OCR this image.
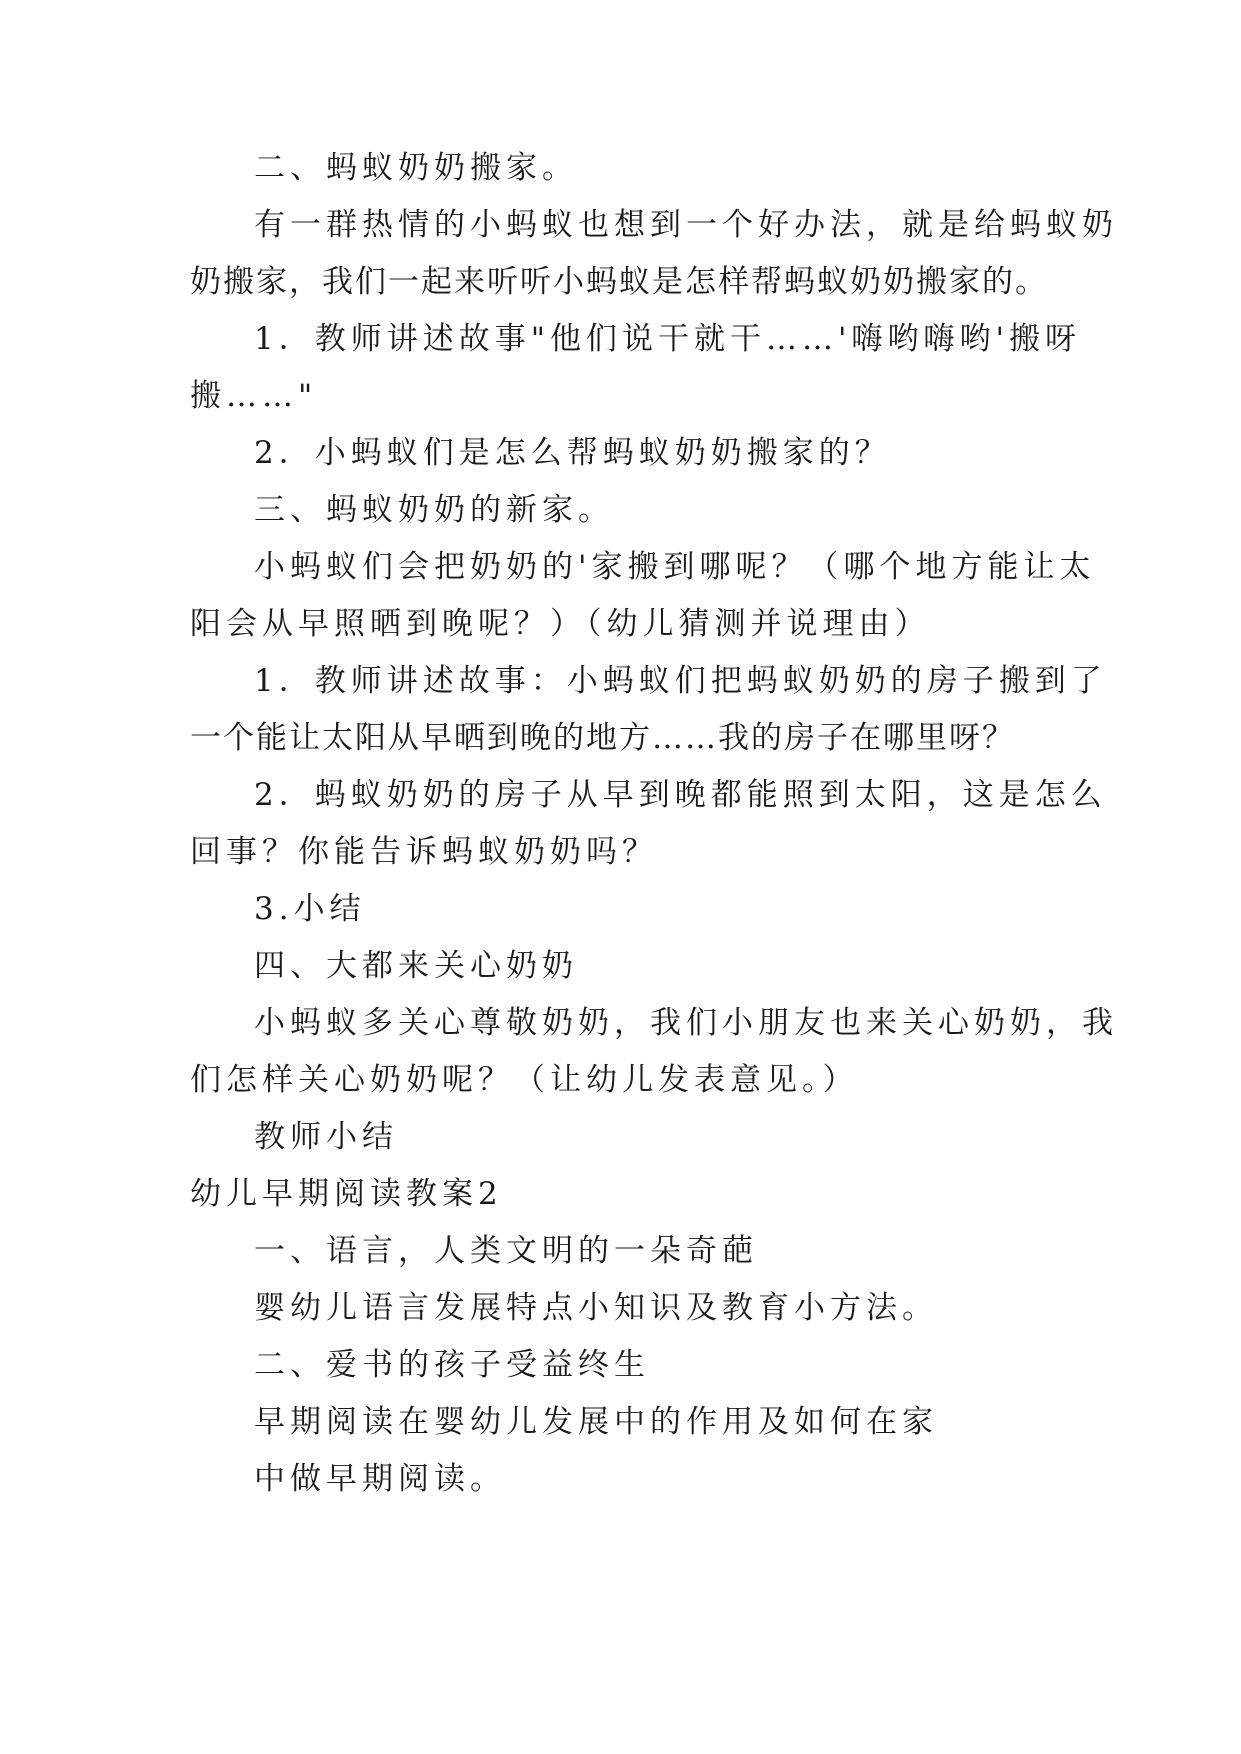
二、蚂蚁奶奶搬家。
有一群热情的小蚂蚁也想到一个好办法，就是给蚂蚁奶
奶搬家，我们一起来听听小蚂蚁是怎样帮蚂蚁奶奶搬家的。
1．教师讲述故事"他们说干就干……'嗨哟嗨哟'搬呀
搬……"
2．小蚂蚁们是怎么帮蚂蚁奶奶搬家的？
三、蚂蚁奶奶的新家。
小蚂蚁们会把奶奶的'家搬到哪呢？（哪个地方能让太
阳会从早照晒到晚呢？）（幼儿猜测并说理由）
1．教师讲述故事：小蚂蚁们把蚂蚁奶奶的房子搬到了
一个能让太阳从早晒到晚的地方……我的房子在哪里呀？
2．蚂蚁奶奶的房子从早到晚都能照到太阳，这是怎么
回事？你能告诉蚂蚁奶奶吗？
3.小结
四、大都来关心奶奶
小蚂蚁多关心尊敬奶奶，我们小朋友也来关心奶奶，我
们怎样关心奶奶呢？（让幼儿发表意见。）
教师小结
幼儿早期阅读教案2
一、语言，人类文明的一朵奇葩
婴幼儿语言发展特点小知识及教育小方法。
二、爱书的孩子受益终生
早期阅读在婴幼儿发展中的作用及如何在家
中做早期阅读。
